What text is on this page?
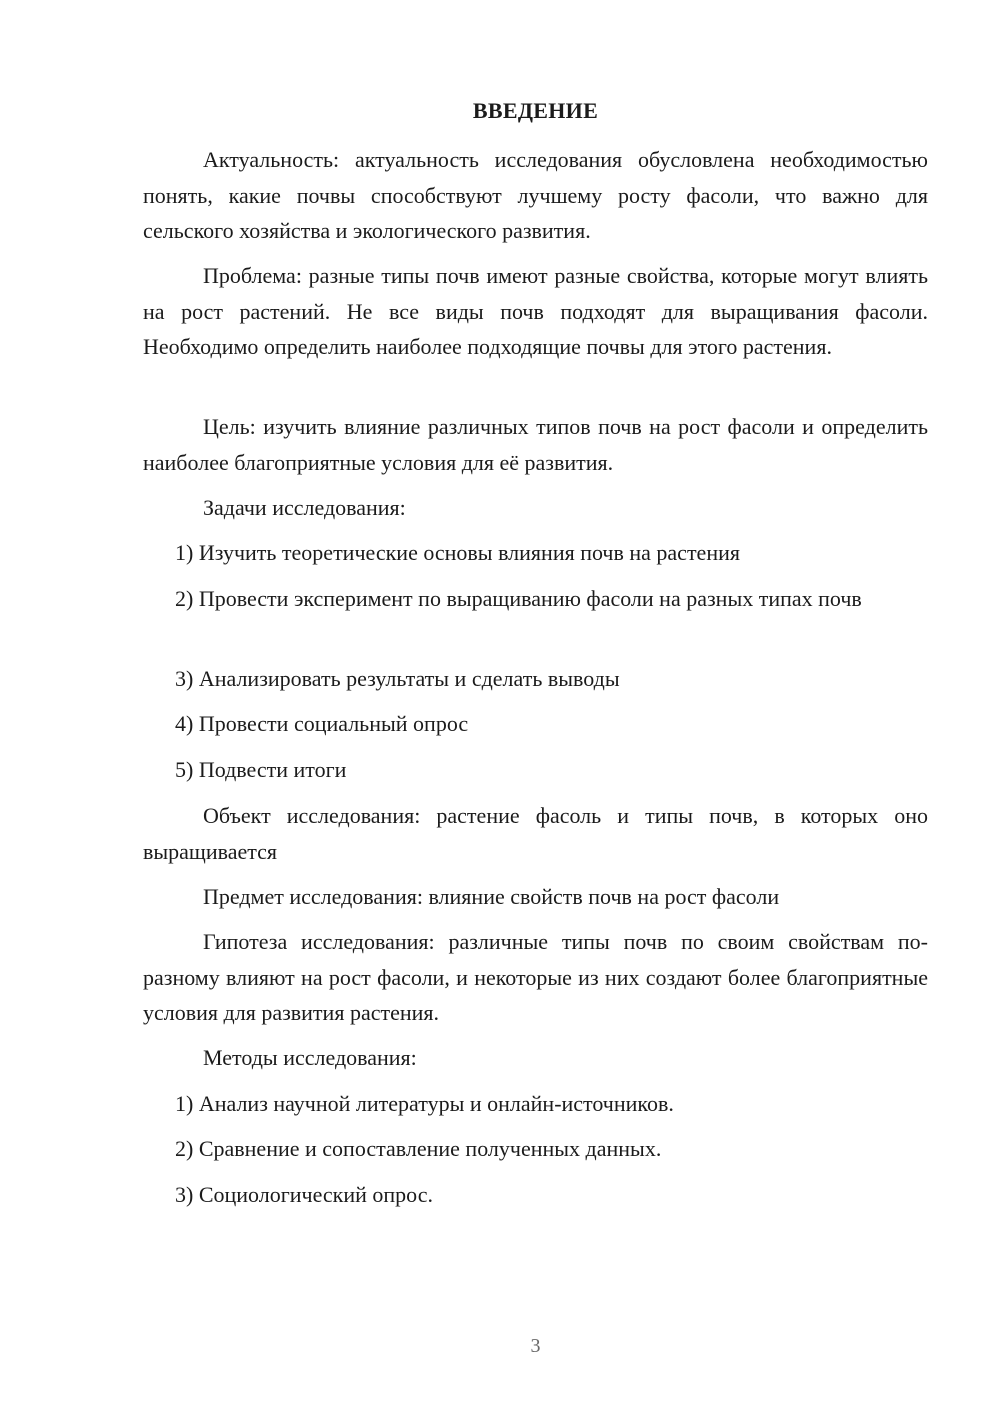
ВВЕДЕНИЕ

Актуальность: актуальность исследования обусловлена необходимостью понять, какие почвы способствуют лучшему росту фасоли, что важно для сельского хозяйства и экологического развития.

Проблема: разные типы почв имеют разные свойства, которые могут влиять на рост растений. Не все виды почв подходят для выращивания фасоли. Необходимо определить наиболее подходящие почвы для этого растения.

Цель: изучить влияние различных типов почв на рост фасоли и определить наиболее благоприятные условия для её развития.

Задачи исследования:

1) Изучить теоретические основы влияния почв на растения

2) Провести эксперимент по выращиванию фасоли на разных типах почв

3) Анализировать результаты и сделать выводы

4) Провести социальный опрос

5) Подвести итоги

Объект исследования: растение фасоль и типы почв, в которых оно выращивается

Предмет исследования: влияние свойств почв на рост фасоли

Гипотеза исследования: различные типы почв по своим свойствам по-разному влияют на рост фасоли, и некоторые из них создают более благоприятные условия для развития растения.

Методы исследования:

1) Анализ научной литературы и онлайн-источников.

2) Сравнение и сопоставление полученных данных.

3) Социологический опрос.

3
